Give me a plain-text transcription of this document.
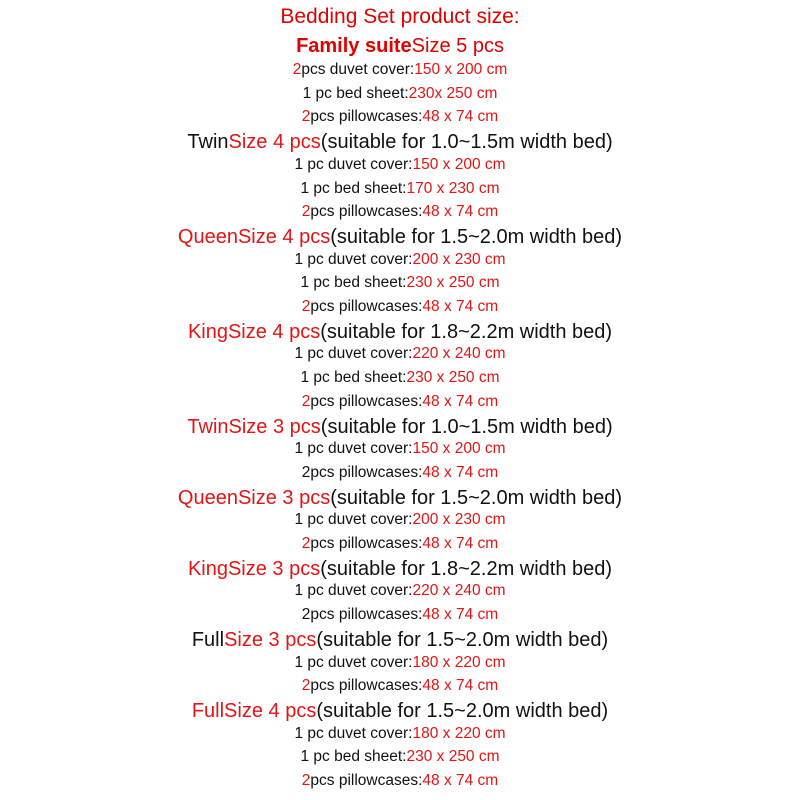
Bedding Set product size:
Family suiteSize 5 pcs
2pcs duvet cover:150 x 200 cm
1 pc bed sheet:230x 250 cm
2pcs pillowcases:48 x 74 cm
TwinSize 4 pcs(suitable for 1.0~1.5m width bed)
1 pc duvet cover:150 x 200 cm
1 pc bed sheet:170 x 230 cm
2pcs pillowcases:48 x 74 cm
QueenSize 4 pcs(suitable for 1.5~2.0m width bed)
1 pc duvet cover:200 x 230 cm
1 pc bed sheet:230 x 250 cm
2pcs pillowcases:48 x 74 cm
KingSize 4 pcs(suitable for 1.8~2.2m width bed)
1 pc duvet cover:220 x 240 cm
1 pc bed sheet:230 x 250 cm
2pcs pillowcases:48 x 74 cm
TwinSize 3 pcs(suitable for 1.0~1.5m width bed)
1 pc duvet cover:150 x 200 cm
2pcs pillowcases:48 x 74 cm
QueenSize 3 pcs(suitable for 1.5~2.0m width bed)
1 pc duvet cover:200 x 230 cm
2pcs pillowcases:48 x 74 cm
KingSize 3 pcs(suitable for 1.8~2.2m width bed)
1 pc duvet cover:220 x 240 cm
2pcs pillowcases:48 x 74 cm
FullSize 3 pcs(suitable for 1.5~2.0m width bed)
1 pc duvet cover:180 x 220 cm
2pcs pillowcases:48 x 74 cm
FullSize 4 pcs(suitable for 1.5~2.0m width bed)
1 pc duvet cover:180 x 220 cm
1 pc bed sheet:230 x 250 cm
2pcs pillowcases:48 x 74 cm
